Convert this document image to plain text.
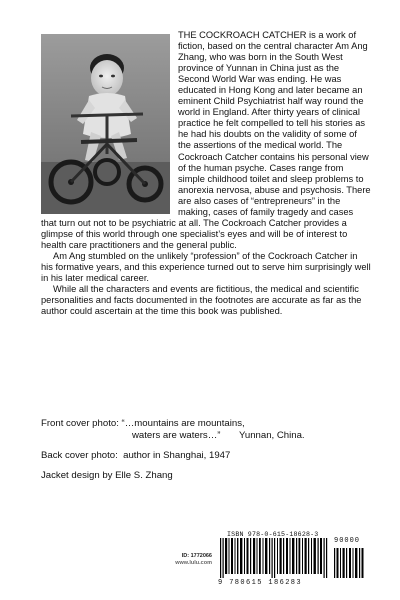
THE COCKROACH CATCHER is a work of fiction, based on the central character Am Ang Zhang, who was born in the South West province of Yunnan in China just as the Second World War was ending. He was educated in Hong Kong and later became an eminent Child Psychiatrist half way round the world in England. After thirty years of clinical practice he felt compelled to tell his stories as he had his doubts on the validity of some of the assertions of the medical world. The Cockroach Catcher contains his personal view of the human psyche. Cases range from simple childhood toilet and sleep problems to anorexia nervosa, abuse and psychosis. There are also cases of “entrepreneurs” in the making, cases of family tragedy and cases that turn out not to be psychiatric at all. The Cockroach Catcher provides a glimpse of this world through one specialist’s eyes and will be of interest to health care practitioners and the general public.

Am Ang stumbled on the unlikely “profession” of the Cockroach Catcher in his formative years, and this experience turned out to serve him surprisingly well in his later medical career.

While all the characters and events are fictitious, the medical and scientific personalities and facts documented in the footnotes are accurate as far as the author could ascertain at the time this book was published.

Front cover photo: “…mountains are mountains,
waters are waters…”       Yunnan, China.
Back cover photo:  author in Shanghai, 1947
Jacket design by Elle S. Zhang
ID: 1772066
www.lulu.com
ISBN 978-0-615-18628-3
90000
9 780615 186283
